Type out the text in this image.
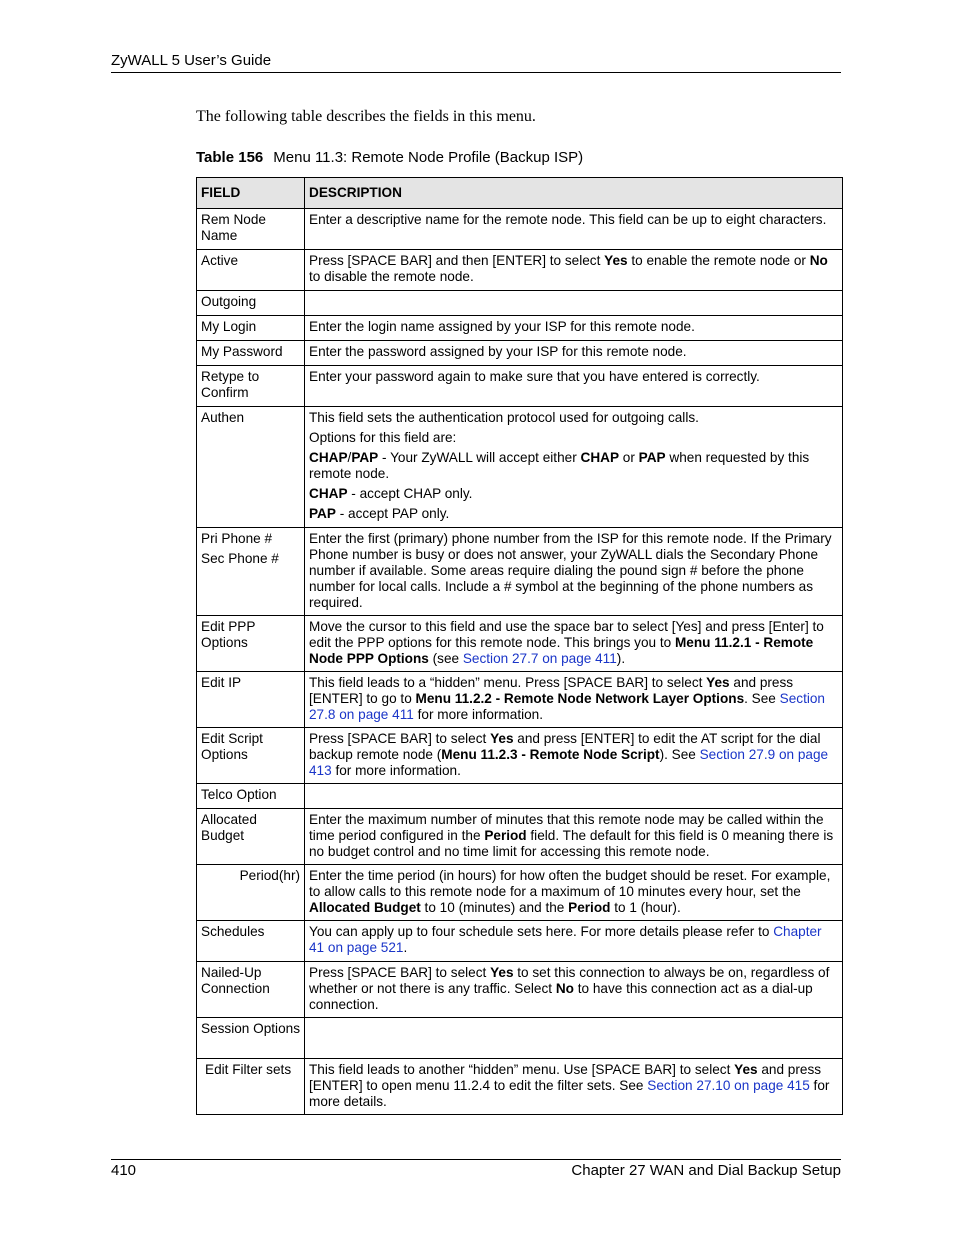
ZyWALL 5 User’s Guide
The following table describes the fields in this menu.
Table 156 Menu 11.3: Remote Node Profile (Backup ISP)
FIELD	DESCRIPTION
Rem Node Name	Enter a descriptive name for the remote node. This field can be up to eight characters.
Active	Press [SPACE BAR] and then [ENTER] to select Yes to enable the remote node or No to disable the remote node.
Outgoing	
My Login	Enter the login name assigned by your ISP for this remote node.
My Password	Enter the password assigned by your ISP for this remote node.
Retype to Confirm	Enter your password again to make sure that you have entered is correctly.
Authen	This field sets the authentication protocol used for outgoing calls.

Options for this field are:

CHAP/PAP - Your ZyWALL will accept either CHAP or PAP when requested by this remote node.

CHAP - accept CHAP only.

PAP - accept PAP only.

Pri Phone #

Sec Phone #	Enter the first (primary) phone number from the ISP for this remote node. If the Primary Phone number is busy or does not answer, your ZyWALL dials the Secondary Phone number if available. Some areas require dialing the pound sign # before the phone number for local calls. Include a # symbol at the beginning of the phone numbers as required.
Edit PPP Options	Move the cursor to this field and use the space bar to select [Yes] and press [Enter] to edit the PPP options for this remote node. This brings you to Menu 11.2.1 - Remote Node PPP Options (see Section 27.7 on page 411).
Edit IP	This field leads to a “hidden” menu. Press [SPACE BAR] to select Yes and press [ENTER] to go to Menu 11.2.2 - Remote Node Network Layer Options. See Section 27.8 on page 411 for more information.
Edit Script Options	Press [SPACE BAR] to select Yes and press [ENTER] to edit the AT script for the dial backup remote node (Menu 11.2.3 - Remote Node Script). See Section 27.9 on page 413 for more information.
Telco Option	
Allocated Budget	Enter the maximum number of minutes that this remote node may be called within the time period configured in the Period field. The default for this field is 0 meaning there is no budget control and no time limit for accessing this remote node.
Period(hr)	Enter the time period (in hours) for how often the budget should be reset. For example, to allow calls to this remote node for a maximum of 10 minutes every hour, set the Allocated Budget to 10 (minutes) and the Period to 1 (hour).
Schedules	You can apply up to four schedule sets here. For more details please refer to Chapter 41 on page 521.
Nailed-Up Connection	Press [SPACE BAR] to select Yes to set this connection to always be on, regardless of whether or not there is any traffic. Select No to have this connection act as a dial-up connection.
Session Options	
Edit Filter sets	This field leads to another “hidden” menu. Use [SPACE BAR] to select Yes and press [ENTER] to open menu 11.2.4 to edit the filter sets. See Section 27.10 on page 415 for more details.
410	Chapter 27 WAN and Dial Backup Setup
